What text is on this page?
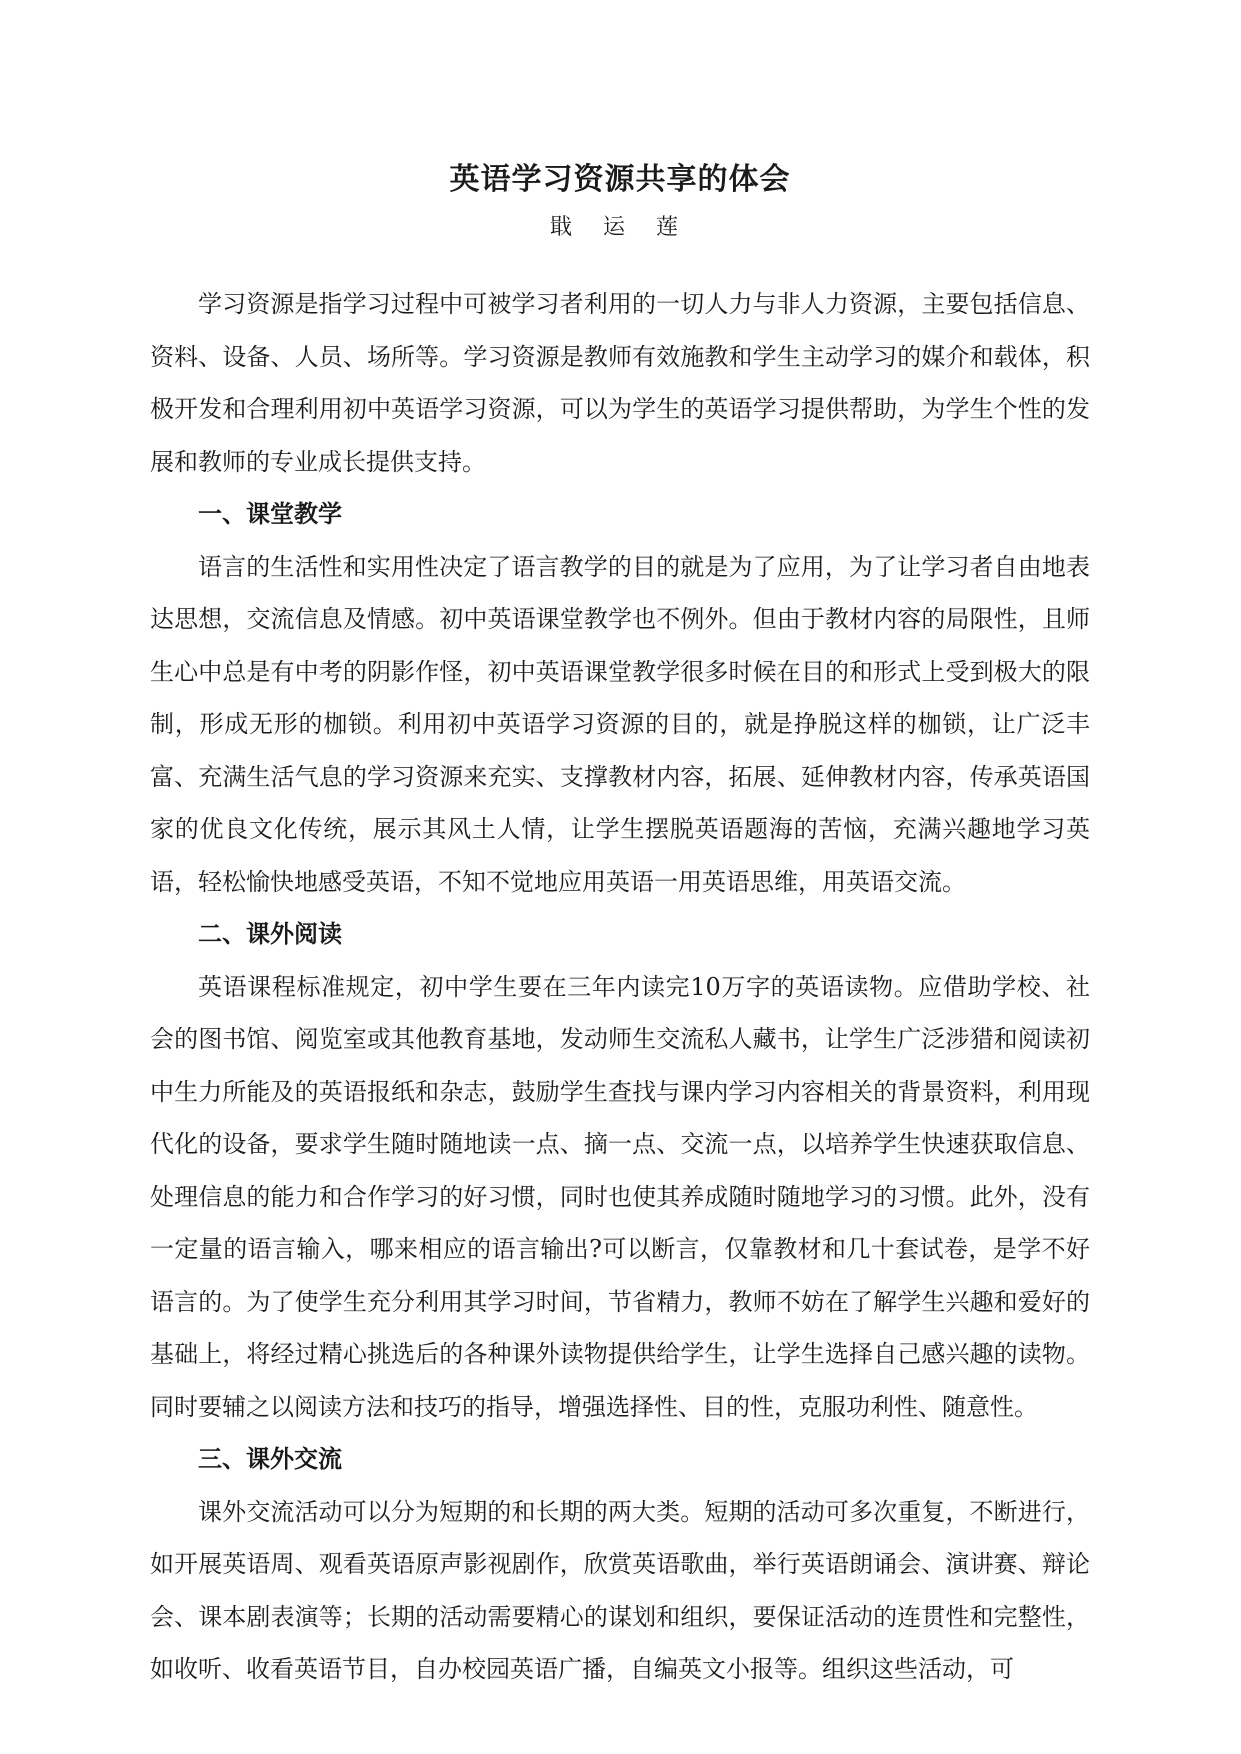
英语学习资源共享的体会
戢 运 莲

学习资源是指学习过程中可被学习者利用的一切人力与非人力资源，主要包括信息、资料、设备、人员、场所等。学习资源是教师有效施教和学生主动学习的媒介和载体，积极开发和合理利用初中英语学习资源，可以为学生的英语学习提供帮助，为学生个性的发展和教师的专业成长提供支持。

一、课堂教学

语言的生活性和实用性决定了语言教学的目的就是为了应用，为了让学习者自由地表达思想，交流信息及情感。初中英语课堂教学也不例外。但由于教材内容的局限性，且师生心中总是有中考的阴影作怪，初中英语课堂教学很多时候在目的和形式上受到极大的限制，形成无形的枷锁。利用初中英语学习资源的目的，就是挣脱这样的枷锁，让广泛丰富、充满生活气息的学习资源来充实、支撑教材内容，拓展、延伸教材内容，传承英语国家的优良文化传统，展示其风土人情，让学生摆脱英语题海的苦恼，充满兴趣地学习英语，轻松愉快地感受英语，不知不觉地应用英语一用英语思维，用英语交流。

二、课外阅读

英语课程标准规定，初中学生要在三年内读完10万字的英语读物。应借助学校、社会的图书馆、阅览室或其他教育基地，发动师生交流私人藏书，让学生广泛涉猎和阅读初中生力所能及的英语报纸和杂志，鼓励学生查找与课内学习内容相关的背景资料，利用现代化的设备，要求学生随时随地读一点、摘一点、交流一点，以培养学生快速获取信息、处理信息的能力和合作学习的好习惯，同时也使其养成随时随地学习的习惯。此外，没有一定量的语言输入，哪来相应的语言输出?可以断言，仅靠教材和几十套试卷，是学不好语言的。为了使学生充分利用其学习时间，节省精力，教师不妨在了解学生兴趣和爱好的基础上，将经过精心挑选后的各种课外读物提供给学生，让学生选择自己感兴趣的读物。同时要辅之以阅读方法和技巧的指导，增强选择性、目的性，克服功利性、随意性。

三、课外交流

课外交流活动可以分为短期的和长期的两大类。短期的活动可多次重复，不断进行，如开展英语周、观看英语原声影视剧作，欣赏英语歌曲，举行英语朗诵会、演讲赛、辩论会、课本剧表演等；长期的活动需要精心的谋划和组织，要保证活动的连贯性和完整性，如收听、收看英语节目，自办校园英语广播，自编英文小报等。组织这些活动，可
